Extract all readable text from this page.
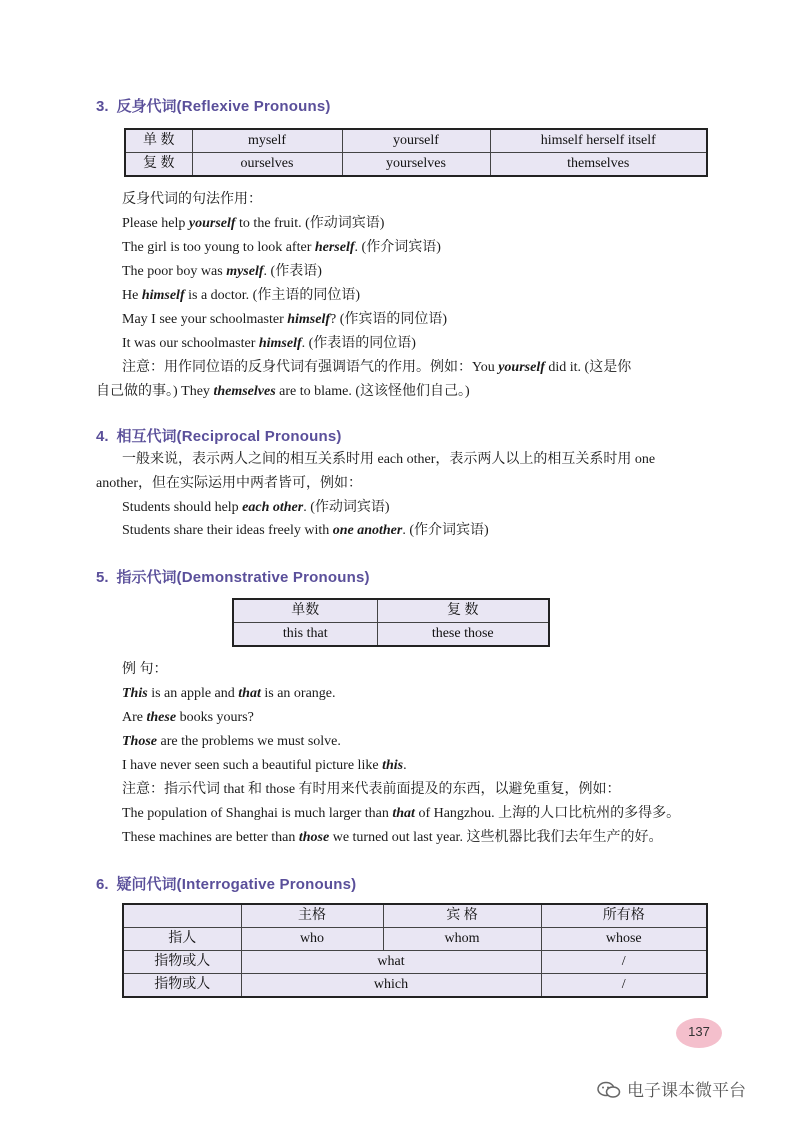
3. 反身代词(Reflexive Pronouns)
单 数	myself	yourself	himself herself itself
复 数	ourselves	yourselves	themselves
反身代词的句法作用：
Please help yourself to the fruit. (作动词宾语)
The girl is too young to look after herself. (作介词宾语)
The poor boy was myself. (作表语)
He himself is a doctor. (作主语的同位语)
May I see your schoolmaster himself? (作宾语的同位语)
It was our schoolmaster himself. (作表语的同位语)
注意：用作同位语的反身代词有强调语气的作用。例如：You yourself did it. (这是你
自己做的事。) They themselves are to blame. (这该怪他们自己。)
4. 相互代词(Reciprocal Pronouns)
一般来说，表示两人之间的相互关系时用 each other，表示两人以上的相互关系时用 one
another，但在实际运用中两者皆可，例如：
Students should help each other. (作动词宾语)
Students share their ideas freely with one another. (作介词宾语)
5. 指示代词(Demonstrative Pronouns)
单数	复 数
this that	these those
例 句：
This is an apple and that is an orange.
Are these books yours?
Those are the problems we must solve.
I have never seen such a beautiful picture like this.
注意：指示代词 that 和 those 有时用来代表前面提及的东西，以避免重复，例如：
The population of Shanghai is much larger than that of Hangzhou. 上海的人口比杭州的多得多。
These machines are better than those we turned out last year. 这些机器比我们去年生产的好。
6. 疑问代词(Interrogative Pronouns)
	主格	宾 格	所有格
指人	who	whom	whose
指物或人	what		/
指物或人	which		/
137
电子课本微平台
